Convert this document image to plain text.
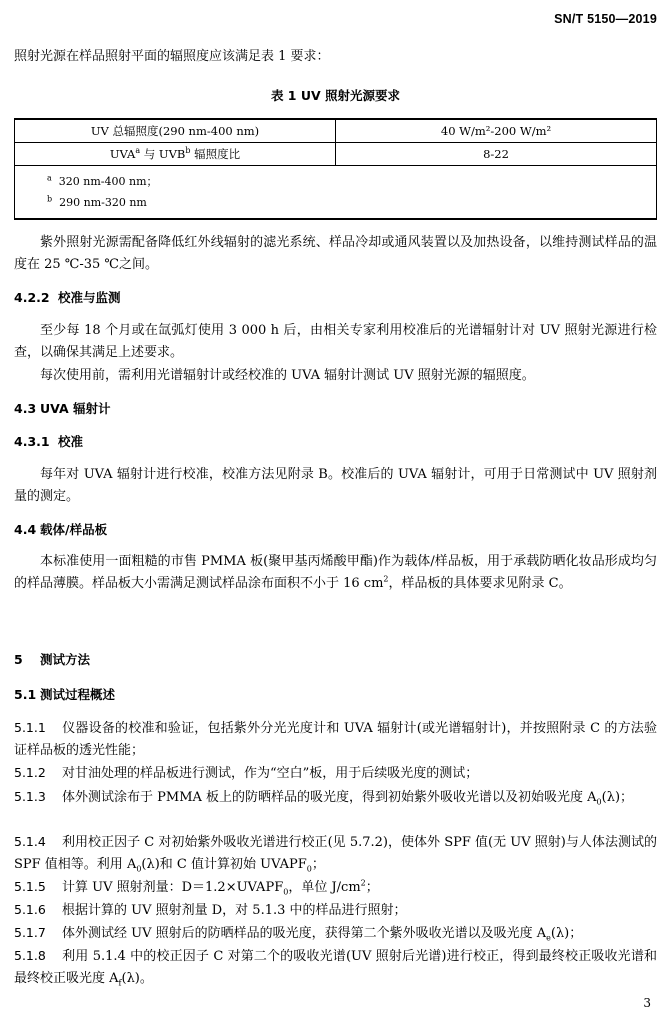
SN/T 5150—2019
照射光源在样品照射平面的辐照度应该满足表 1 要求：
表 1 UV 照射光源要求
UV 总辐照度(290 nm-400 nm)	40 W/m²-200 W/m²
UVA$^a$ 与 UVB$^b$ 辐照度比	8-22

$^a$ 320 nm-400 nm；
$^b$ 290 nm-320 nm	
紫外照射光源需配备降低红外线辐射的滤光系统、样品冷却或通风装置以及加热设备，以维持测试样品的温度在 25 ℃-35 ℃之间。
4.2.2 校准与监测
至少每 18 个月或在氙弧灯使用 3 000 h 后，由相关专家利用校准后的光谱辐射计对 UV 照射光源进行检查，以确保其满足上述要求。
每次使用前，需利用光谱辐射计或经校准的 UVA 辐射计测试 UV 照射光源的辐照度。
4.3 UVA 辐射计
4.3.1 校准
每年对 UVA 辐射计进行校准，校准方法见附录 B。校准后的 UVA 辐射计，可用于日常测试中 UV 照射剂量的测定。
4.4 载体/样品板
本标准使用一面粗糙的市售 PMMA 板(聚甲基丙烯酸甲酯)作为载体/样品板，用于承载防晒化妆品形成均匀的样品薄膜。样品板大小需满足测试样品涂布面积不小于 16 $cm^2$，样品板的具体要求见附录 C。
5 测试方法
5.1 测试过程概述
5.1.1 仪器设备的校准和验证，包括紫外分光光度计和 UVA 辐射计(或光谱辐射计)，并按照附录 C 的方法验证样品板的透光性能；
5.1.2 对甘油处理的样品板进行测试，作为“空白”板，用于后续吸光度的测试；
5.1.3 体外测试涂布于 PMMA 板上的防晒样品的吸光度，得到初始紫外吸收光谱以及初始吸光度 $A_0(\lambda)$；
5.1.4 利用校正因子 C 对初始紫外吸收光谱进行校正(见 5.7.2)，使体外 SPF 值(无 UV 照射)与人体法测试的 SPF 值相等。利用 $A_0(\lambda)$和 C 值计算初始 $UVAPF_0$；
5.1.5 计算 UV 照射剂量：$D=1.2\times UVAPF_0$，单位 $J/cm^2$；
5.1.6 根据计算的 UV 照射剂量 D，对 5.1.3 中的样品进行照射；
5.1.7 体外测试经 UV 照射后的防晒样品的吸光度，获得第二个紫外吸收光谱以及吸光度 $A_e(\lambda)$；
5.1.8 利用 5.1.4 中的校正因子 C 对第二个的吸收光谱(UV 照射后光谱)进行校正，得到最终校正吸收光谱和最终校正吸光度 $A_f(\lambda)$。
3
